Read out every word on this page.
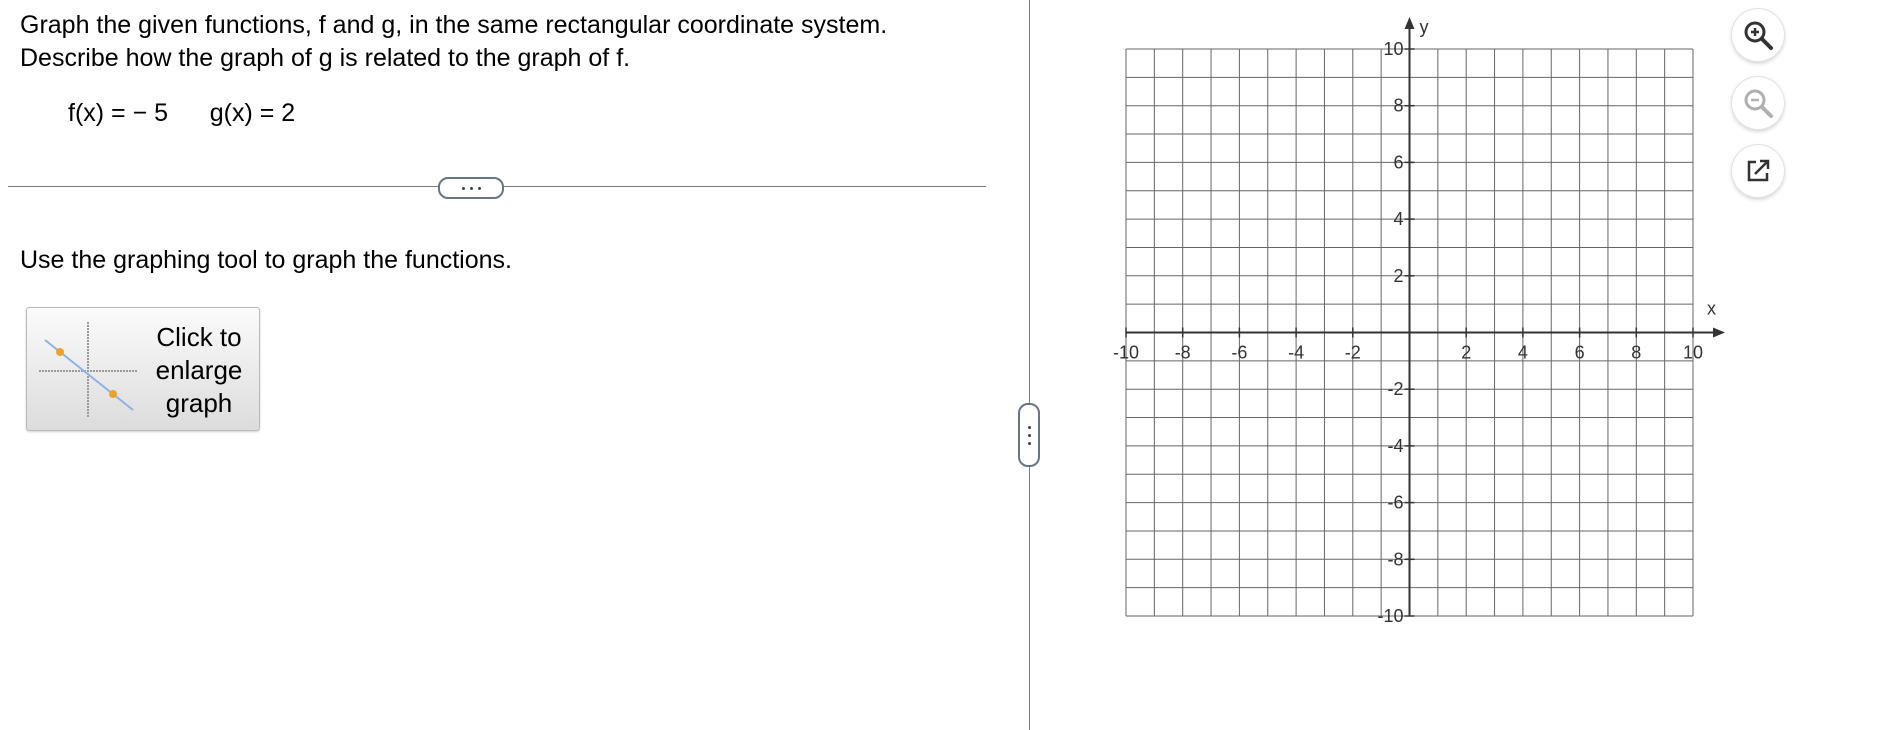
Graph the given functions, f and g, in the same rectangular coordinate system.
Describe how the graph of g is related to the graph of f.
f(x) = − 5 g(x) = 2
Use the graphing tool to graph the functions.
Click to
enlarge
graph
x
y
-10 -8 -6 -4 -2	2	4	6	8 10
10
8
6
4
2
-2
-4
-6
-8
-10
